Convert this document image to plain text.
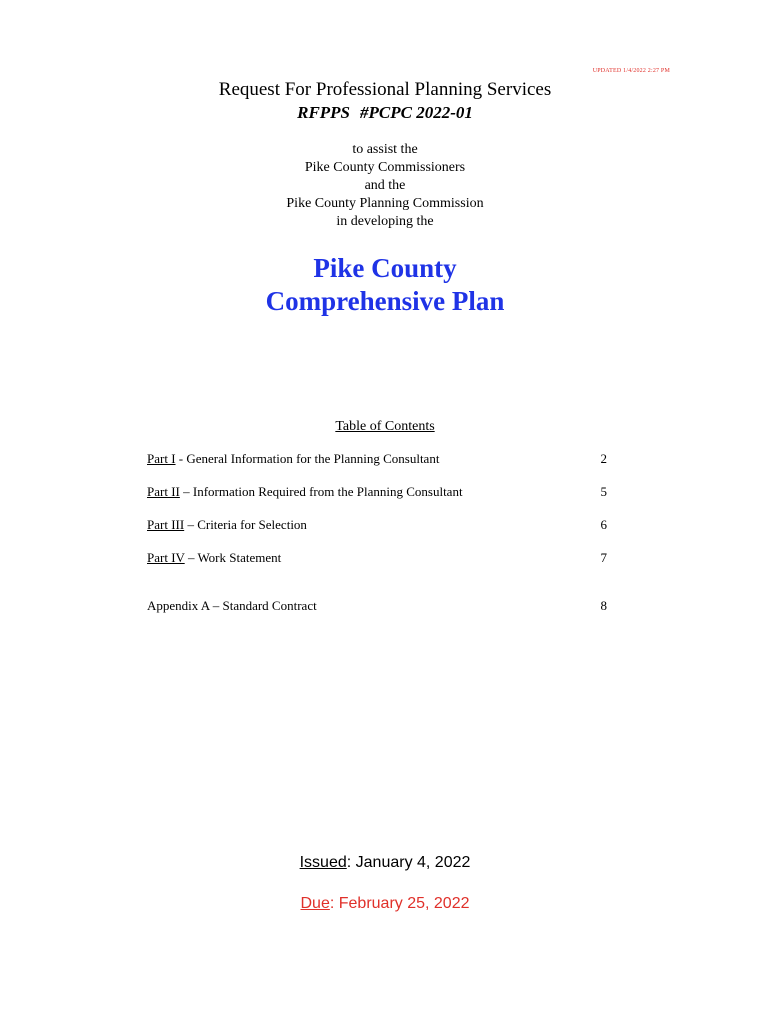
UPDATED 1/4/2022 2:27 PM
Request For Professional Planning Services
RFPPS #PCPC 2022-01
to assist the
Pike County Commissioners
and the
Pike County Planning Commission
in developing the
Pike County
Comprehensive Plan
Table of Contents
Part I - General Information for the Planning Consultant	2
Part II – Information Required from the Planning Consultant	5
Part III – Criteria for Selection	6
Part IV – Work Statement	7
Appendix A – Standard Contract	8
Issued: January 4, 2022
Due: February 25, 2022
